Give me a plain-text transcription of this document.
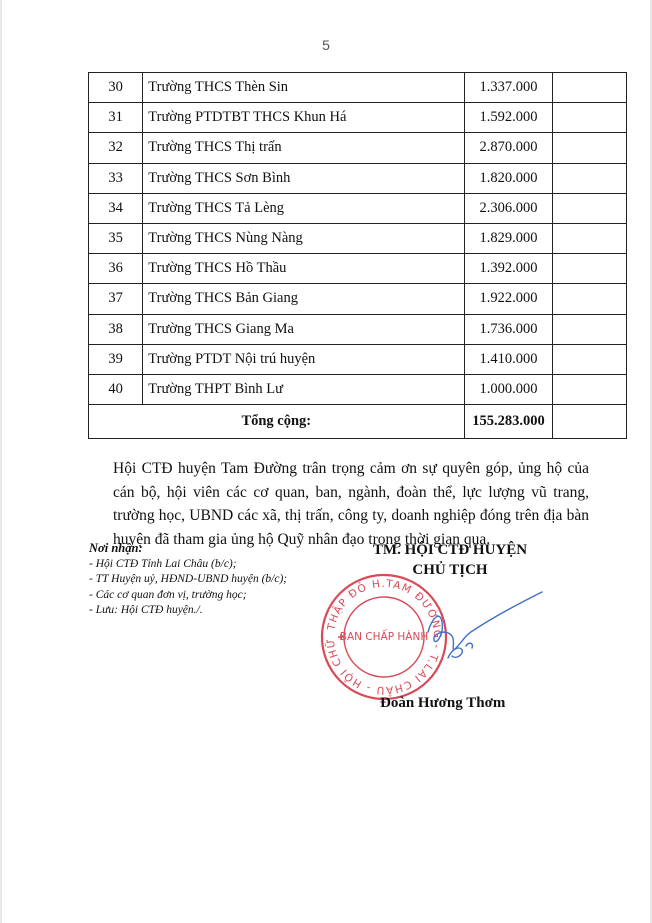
5
30	Trường THCS Thèn Sin	1.337.000	
31	Trường PTDTBT THCS Khun Há	1.592.000	
32	Trường THCS Thị trấn	2.870.000	
33	Trường THCS Sơn Bình	1.820.000	
34	Trường THCS Tả Lèng	2.306.000	
35	Trường THCS Nùng Nàng	1.829.000	
36	Trường THCS Hồ Thầu	1.392.000	
37	Trường THCS Bản Giang	1.922.000	
38	Trường THCS Giang Ma	1.736.000	
39	Trường PTDT Nội trú huyện	1.410.000	
40	Trường THPT Bình Lư	1.000.000	
Tổng cộng:		155.283.000	
Hội CTĐ huyện Tam Đường trân trọng cảm ơn sự quyên góp, ủng hộ của cán bộ, hội viên các cơ quan, ban, ngành, đoàn thể, lực lượng vũ trang, trường học, UBND các xã, thị trấn, công ty, doanh nghiệp đóng trên địa bàn huyện đã tham gia ủng hộ Quỹ nhân đạo trong thời gian qua.
Nơi nhận:
- Hội CTĐ Tỉnh Lai Châu (b/c);
- TT Huyện uỷ, HĐND-UBND huyện (b/c);
- Các cơ quan đơn vị, trường học;
- Lưu: Hội CTĐ huyện./.
TM. HỘI CTĐ HUYỆN
CHỦ TỊCH
THẬP ĐỎ H.TAM ĐƯỜNG - T.LAI CHÂU - HỘI CHỮ
BAN CHẤP HÀNH
Đoàn Hương Thơm
